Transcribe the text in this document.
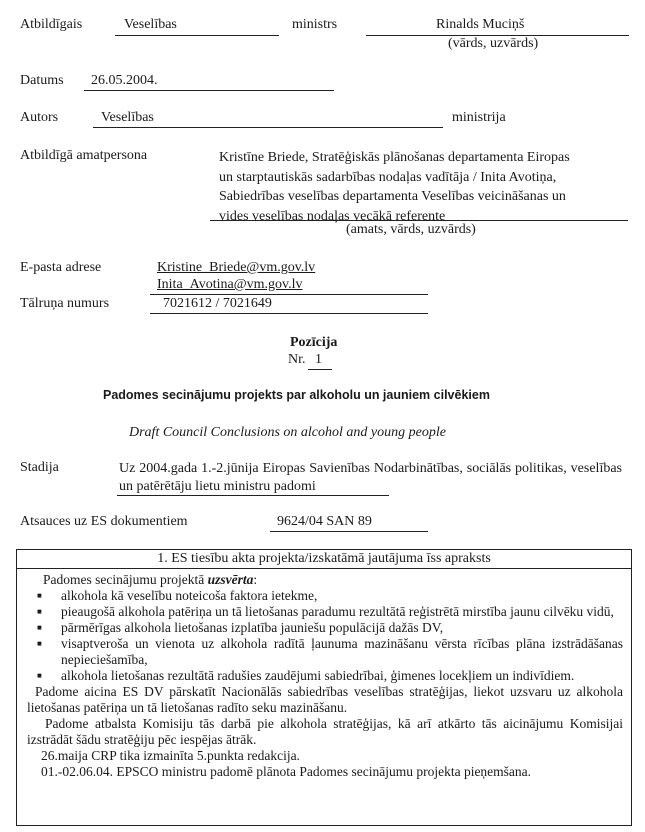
Atbildīgais	Veselības	ministrs	Rinalds Muciņš
(vārds, uzvārds)
Datums 26.05.2004.
Autors	Veselības	ministrija
Atbildīgā amatpersona	Kristīne Briede, Stratēģiskās plānošanas departamenta Eiropas
un starptautiskās sadarbības nodaļas vadītāja / Inita Avotiņa,
Sabiedrības veselības departamenta Veselības veicināšanas un
vides veselības nodaļas vecākā referente
(amats, vārds, uzvārds)
E-pasta adrese	Kristine_Briede@vm.gov.lv
Inita_Avotina@vm.gov.lv
Tālruņa numurs	7021612 / 7021649
Pozīcija
Nr. 1
Padomes secinājumu projekts par alkoholu un jauniem cilvēkiem
Draft Council Conclusions on alcohol and young people
Stadija	Uz 2004.gada 1.-2.jūnija Eiropas Savienības Nodarbinātības, sociālās politikas, veselības un patērētāju lietu ministru padomi
Atsauces uz ES dokumentiem	9624/04 SAN 89
1. ES tiesību akta projekta/izskatāmā jautājuma īss apraksts
Padomes secinājumu projektā uzsvērta:
■ alkohola kā veselību noteicoša faktora ietekme,
■ pieaugošā alkohola patēriņa un tā lietošanas paradumu rezultātā reģistrētā mirstība jaunu cilvēku vidū,
■ pārmērīgas alkohola lietošanas izplatība jauniešu populācijā dažās DV,
■ visaptveroša un vienota uz alkohola radītā ļaunuma mazināšanu vērsta rīcības plāna izstrādāšanas nepieciešamība,
■ alkohola lietošanas rezultātā radušies zaudējumi sabiedrībai, ģimenes locekļiem un indivīdiem.
Padome aicina ES DV pārskatīt Nacionālās sabiedrības veselības stratēģijas, liekot uzsvaru uz alkohola lietošanas patēriņa un tā lietošanas radīto seku mazināšanu.
Padome atbalsta Komisiju tās darbā pie alkohola stratēģijas, kā arī atkārto tās aicinājumu Komisijai izstrādāt šādu stratēģiju pēc iespējas ātrāk.
26.maija CRP tika izmainīta 5.punkta redakcija.
01.-02.06.04. EPSCO ministru padomē plānota Padomes secinājumu projekta pieņemšana.
